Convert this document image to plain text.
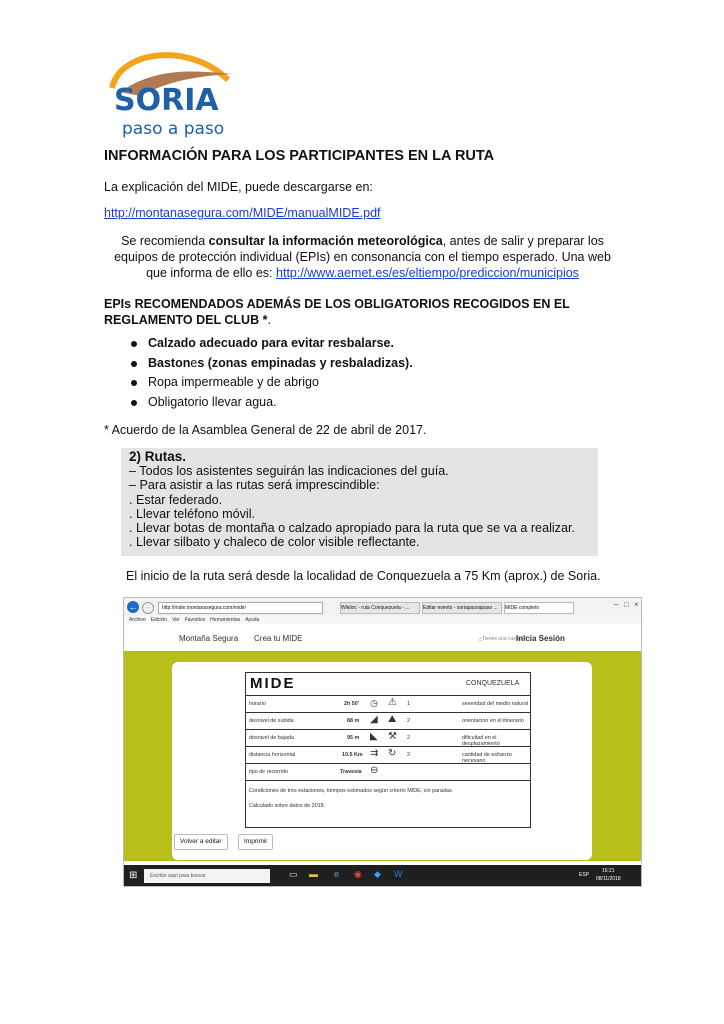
SORIA
paso a paso
INFORMACIÓN PARA LOS PARTICIPANTES EN LA RUTA
La explicación del MIDE, puede descargarse en:
http://montanasegura.com/MIDE/manualMIDE.pdf
Se recomienda consultar la información meteorológica, antes de salir y preparar los equipos de protección individual (EPIs) en consonancia con el tiempo esperado. Una web que informa de ello es: http://www.aemet.es/es/eltiempo/prediccion/municipios
EPIs RECOMENDADOS ADEMÁS DE LOS OBLIGATORIOS RECOGIDOS EN EL REGLAMENTO DEL CLUB *.
Calzado adecuado para evitar resbalarse.
Bastones (zonas empinadas y resbaladizas).
Ropa impermeable y de abrigo
Obligatorio llevar agua.
* Acuerdo de la Asamblea General de 22 de abril de 2017.
2) Rutas.
– Todos los asistentes seguirán las indicaciones del guía.
– Para asistir a las rutas será imprescindible:
. Estar federado.
. Llevar teléfono móvil.
. Llevar botas de montaña o calzado apropiado para la ruta que se va a realizar.
. Llevar silbato y chaleco de color visible reflectante.
El inicio de la ruta será desde la localidad de Conquezuela a 75 Km (aprox.) de Soria.
←	→	http://mide.montanasegura.com/mide/	Wikiloc - ruta Conquezuela - ...	Editar evento - soriapasoapaso ...	MIDE completo	– □ ×
Archivo Edición Ver Favoritos Herramientas Ayuda
Montaña Segura Crea tu MIDE	¿Tienes una cuenta?
Inicia Sesión
MIDE	CONQUEZUELA
horario	2h 50' ◷ ⚠ 1	severidad del medio natural
desnivel de subida	88 m ◢ ⛰ 2	orientacion en el itinerario
desnivel de bajada	95 m ◣ ⚒ 2	dificultad en el desplazamiento
distancia horizontal	10.5 Km ⇉ ↻ 2	cantidad de esfuerzo necesario
tipo de recorrido	Travesía ⊖
Condiciones de tres estaciones, tiempos estimados según criterio MIDE, sin paradas.
Calculado sobre datos de 2018.
Volver a editar	Imprimir
⊞	Escribe aquí para buscar	▭ ▬ e ◉ ◆ W	ESP
16:21
08/11/2018
